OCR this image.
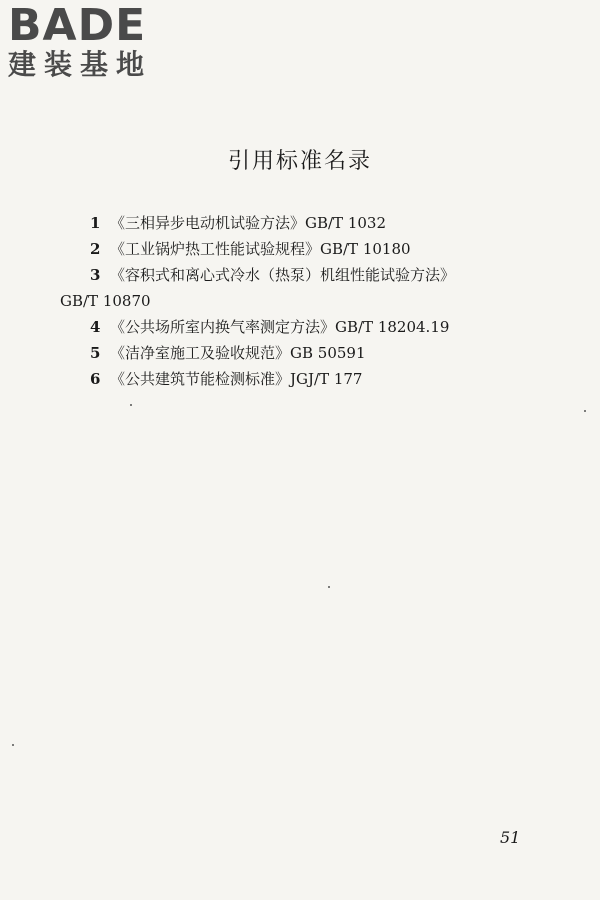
BADE
建装基地
引用标准名录
1 《三相异步电动机试验方法》GB/T 1032
2 《工业锅炉热工性能试验规程》GB/T 10180
3 《容积式和离心式冷水（热泵）机组性能试验方法》
GB/T 10870
4 《公共场所室内换气率测定方法》GB/T 18204.19
5 《洁净室施工及验收规范》GB 50591
6 《公共建筑节能检测标准》JGJ/T 177
51
